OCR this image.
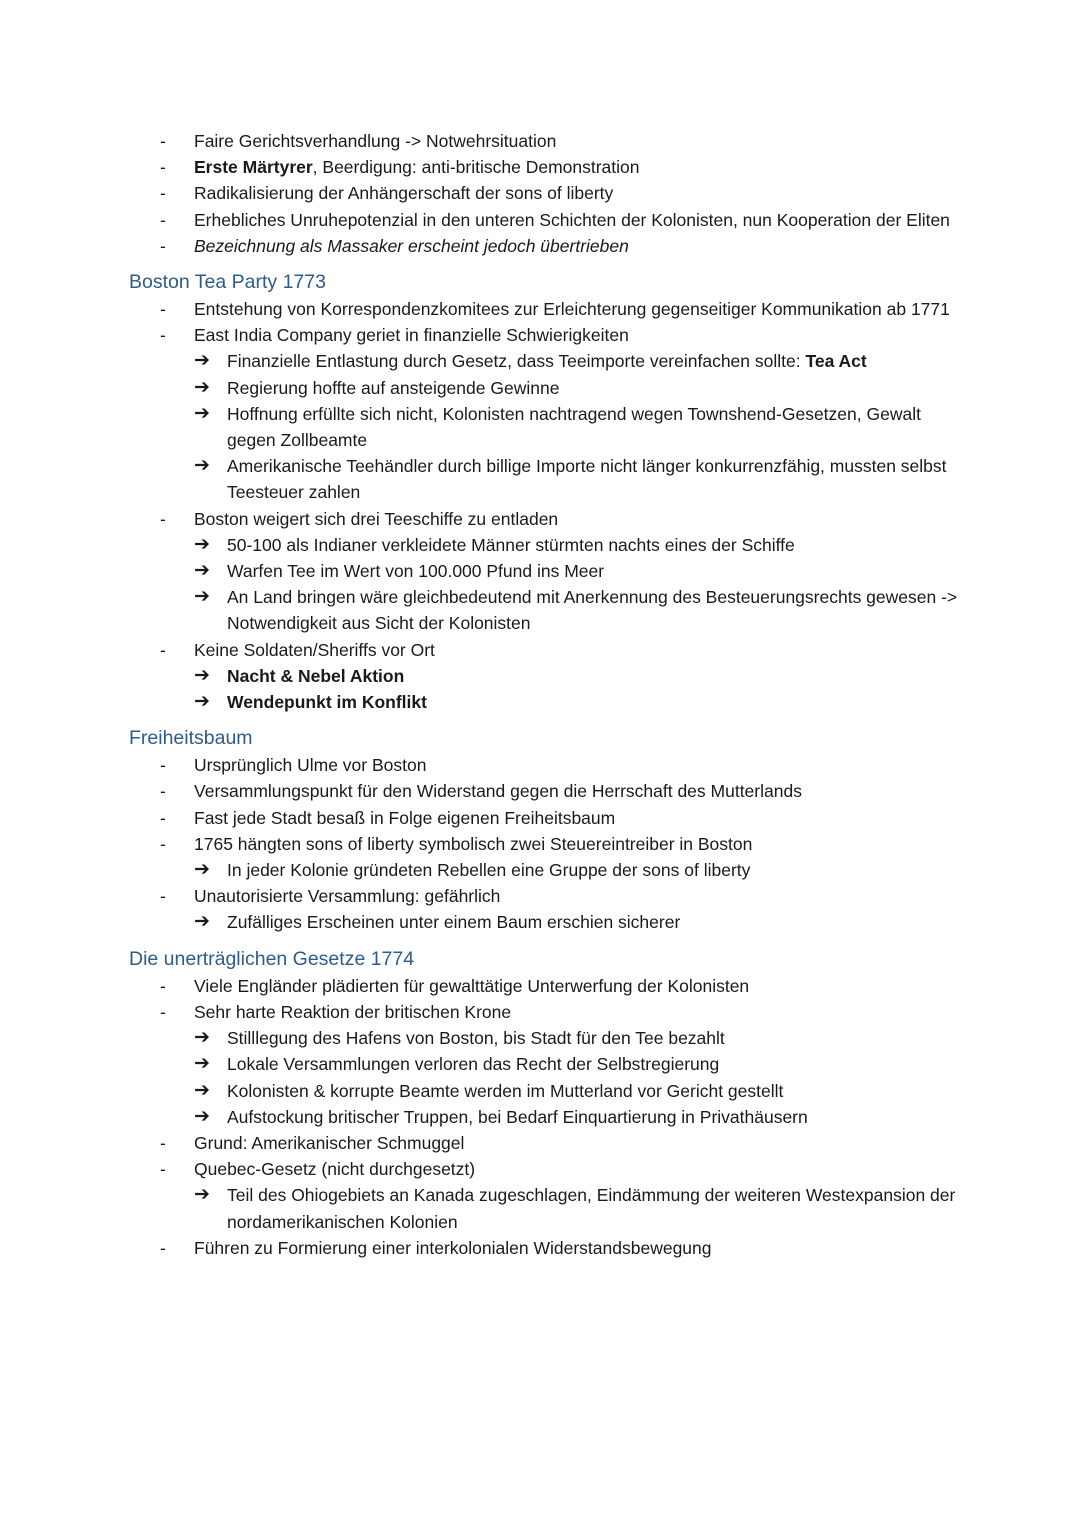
-	Faire Gerichtsverhandlung -> Notwehrsituation
-	Erste Märtyrer, Beerdigung: anti-britische Demonstration
-	Radikalisierung der Anhängerschaft der sons of liberty
-	Erhebliches Unruhepotenzial in den unteren Schichten der Kolonisten, nun Kooperation der Eliten
-	Bezeichnung als Massaker erscheint jedoch übertrieben
Boston Tea Party 1773
-	Entstehung von Korrespondenzkomitees zur Erleichterung gegenseitiger Kommunikation ab 1771
-	East India Company geriet in finanzielle Schwierigkeiten
➔ Finanzielle Entlastung durch Gesetz, dass Teeimporte vereinfachen sollte: Tea Act
➔ Regierung hoffte auf ansteigende Gewinne
➔ Hoffnung erfüllte sich nicht, Kolonisten nachtragend wegen Townshend-Gesetzen, Gewalt gegen Zollbeamte
➔ Amerikanische Teehändler durch billige Importe nicht länger konkurrenzfähig, mussten selbst Teesteuer zahlen
-	Boston weigert sich drei Teeschiffe zu entladen
➔ 50-100 als Indianer verkleidete Männer stürmten nachts eines der Schiffe
➔ Warfen Tee im Wert von 100.000 Pfund ins Meer
➔ An Land bringen wäre gleichbedeutend mit Anerkennung des Besteuerungsrechts gewesen -> Notwendigkeit aus Sicht der Kolonisten
-	Keine Soldaten/Sheriffs vor Ort
➔ Nacht & Nebel Aktion
➔ Wendepunkt im Konflikt
Freiheitsbaum
-	Ursprünglich Ulme vor Boston
-	Versammlungspunkt für den Widerstand gegen die Herrschaft des Mutterlands
-	Fast jede Stadt besaß in Folge eigenen Freiheitsbaum
-	1765 hängten sons of liberty symbolisch zwei Steuereintreiber in Boston
➔ In jeder Kolonie gründeten Rebellen eine Gruppe der sons of liberty
-	Unautorisierte Versammlung: gefährlich
➔ Zufälliges Erscheinen unter einem Baum erschien sicherer
Die unerträglichen Gesetze 1774
-	Viele Engländer plädierten für gewalttätige Unterwerfung der Kolonisten
-	Sehr harte Reaktion der britischen Krone
➔ Stilllegung des Hafens von Boston, bis Stadt für den Tee bezahlt
➔ Lokale Versammlungen verloren das Recht der Selbstregierung
➔ Kolonisten & korrupte Beamte werden im Mutterland vor Gericht gestellt
➔ Aufstockung britischer Truppen, bei Bedarf Einquartierung in Privathäusern
-	Grund: Amerikanischer Schmuggel
-	Quebec-Gesetz (nicht durchgesetzt)
➔ Teil des Ohiogebiets an Kanada zugeschlagen, Eindämmung der weiteren Westexpansion der nordamerikanischen Kolonien
-	Führen zu Formierung einer interkolonialen Widerstandsbewegung
